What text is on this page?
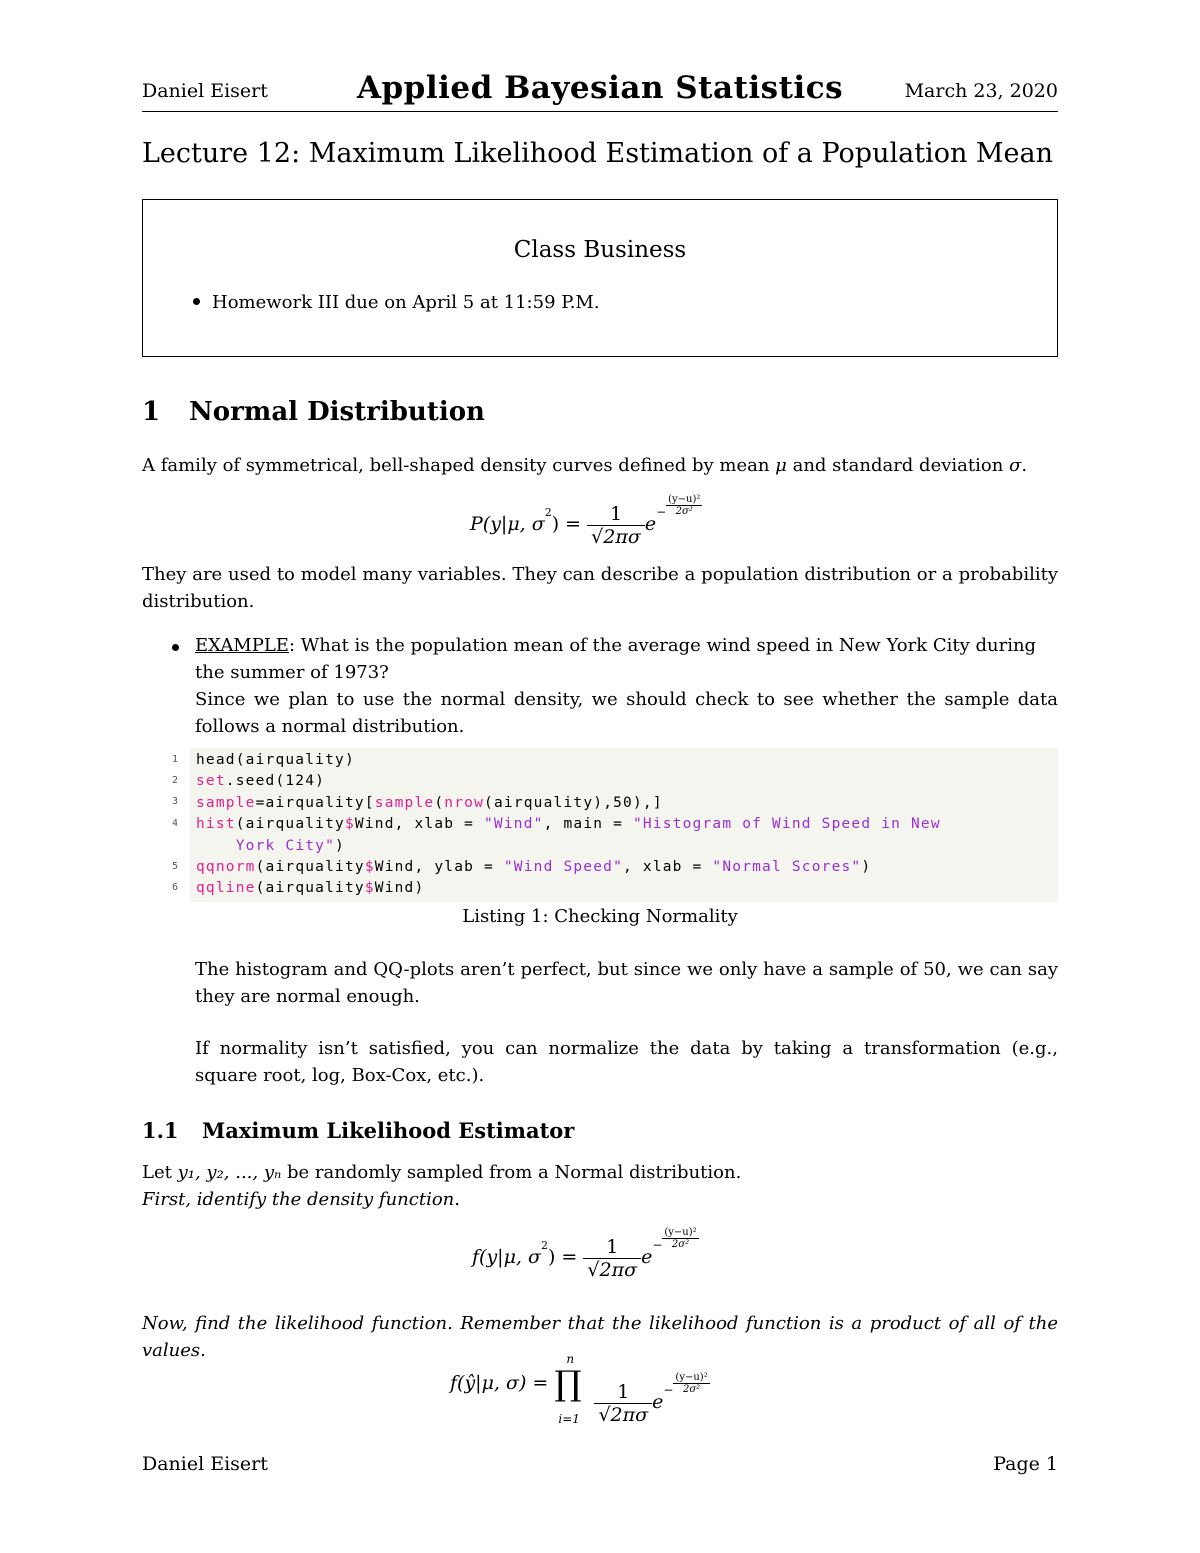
Daniel Eisert	Applied Bayesian Statistics	March 23, 2020
Lecture 12: Maximum Likelihood Estimation of a Population Mean
Class Business
Homework III due on April 5 at 11:59 P.M.
1 Normal Distribution
A family of symmetrical, bell-shaped density curves defined by mean μ and standard deviation σ.
P(y|μ, $\sigma^2) = \frac{1}{√2\pi\sigma} e^- \frac{\text{(y−u)²}}{\text{2σ²}}$
They are used to model many variables. They can describe a population distribution or a probability distribution.
EXAMPLE: What is the population mean of the average wind speed in New York City during the summer of 1973?
Since we plan to use the normal density, we should check to see whether the sample data follows a normal distribution.
1
2
3
4
5
6
head(airquality)
set.seed(124)
sample=airquality[sample(nrow(airquality),50),]
hist(airquality$Wind, xlab = "Wind", main = "Histogram of Wind Speed in New
York City")
qqnorm(airquality$Wind, ylab = "Wind Speed", xlab = "Normal Scores")
qqline(airquality$Wind)
Listing 1: Checking Normality
The histogram and QQ-plots aren’t perfect, but since we only have a sample of 50, we can say they are normal enough.
If normality isn’t satisfied, you can normalize the data by taking a transformation (e.g., square root, log, Box-Cox, etc.).
1.1 Maximum Likelihood Estimator
Let y₁, y₂, ..., yₙ be randomly sampled from a Normal distribution.
First, identify the density function.
f(y|μ, $\sigma^2) = \frac{1}{√2\pi\sigma} e^- \frac{\text{(y−u)²}}{\text{2σ²}}$
Now, find the likelihood function. Remember that the likelihood function is a product of all of the values.
f(ŷ|μ, σ) =
n
∏
i=1
$\frac{1}{√2\pi\sigma} e^- \frac{\text{(y−u)²}}{\text{2σ²}}$
Daniel Eisert	Page 1
